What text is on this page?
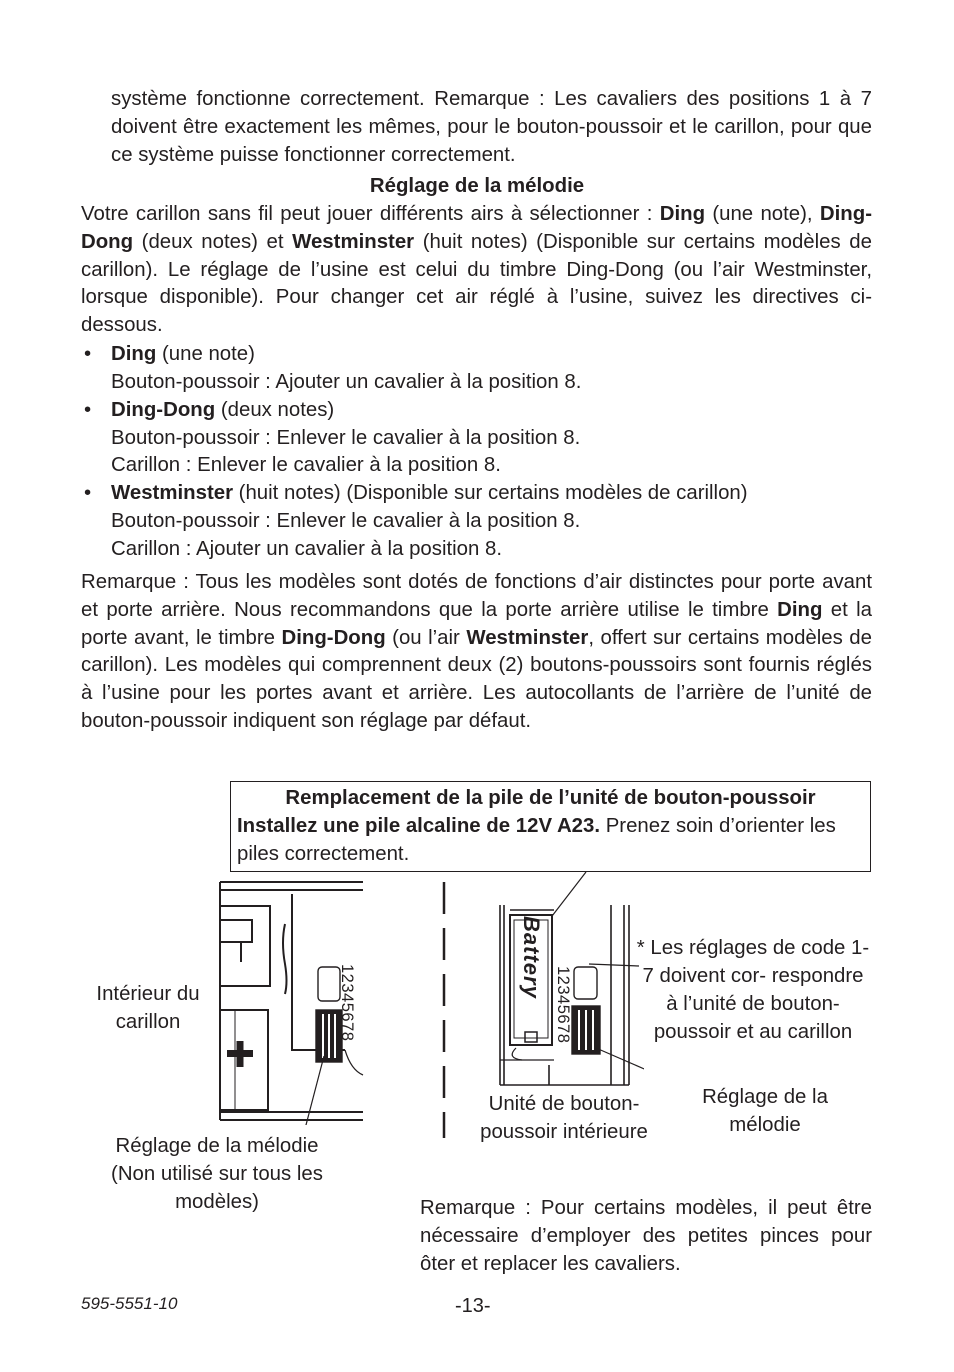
système fonctionne correctement. Remarque : Les cavaliers des positions 1 à 7 doivent être exactement les mêmes, pour le bouton-poussoir et le carillon, pour que ce système puisse fonctionner correctement.

Réglage de la mélodie

Votre carillon sans fil peut jouer différents airs à sélectionner : Ding (une note), Ding-Dong (deux notes) et Westminster (huit notes) (Disponible sur certains modèles de carillon). Le réglage de l’usine est celui du timbre Ding-Dong (ou l’air Westminster, lorsque disponible). Pour changer cet air réglé à l’usine, suivez les directives ci-dessous.

• Ding (une note)
Bouton-poussoir : Ajouter un cavalier à la position 8.
• Ding-Dong (deux notes)
Bouton-poussoir : Enlever le cavalier à la position 8.
Carillon : Enlever le cavalier à la position 8.
• Westminster (huit notes) (Disponible sur certains modèles de carillon)
Bouton-poussoir : Enlever le cavalier à la position 8.
Carillon : Ajouter un cavalier à la position 8.

Remarque : Tous les modèles sont dotés de fonctions d’air distinctes pour porte avant et porte arrière. Nous recommandons que la porte arrière utilise le timbre Ding et la porte avant, le timbre Ding-Dong (ou l’air Westminster, offert sur certains modèles de carillon). Les modèles qui comprennent deux (2) boutons-poussoirs sont fournis réglés à l’usine pour les portes avant et arrière. Les autocollants de l’arrière de l’unité de bouton-poussoir indiquent son réglage par défaut.

Remplacement de la pile de l’unité de bouton-poussoir
Installez une pile alcaline de 12V A23. Prenez soin d’orienter les piles correctement.
12345678
Intérieur du carillon
Réglage de la mélodie (Non utilisé sur tous les modèles)
Battery
12345678
* Les réglages de code 1-7 doivent cor- respondre à l’unité de bouton-poussoir et au carillon
Réglage de la mélodie
Unité de bouton- poussoir intérieure

Remarque : Pour certains modèles, il peut être nécessaire d’employer des petites pinces pour ôter et replacer les cavaliers.

595-5551-10	-13-
